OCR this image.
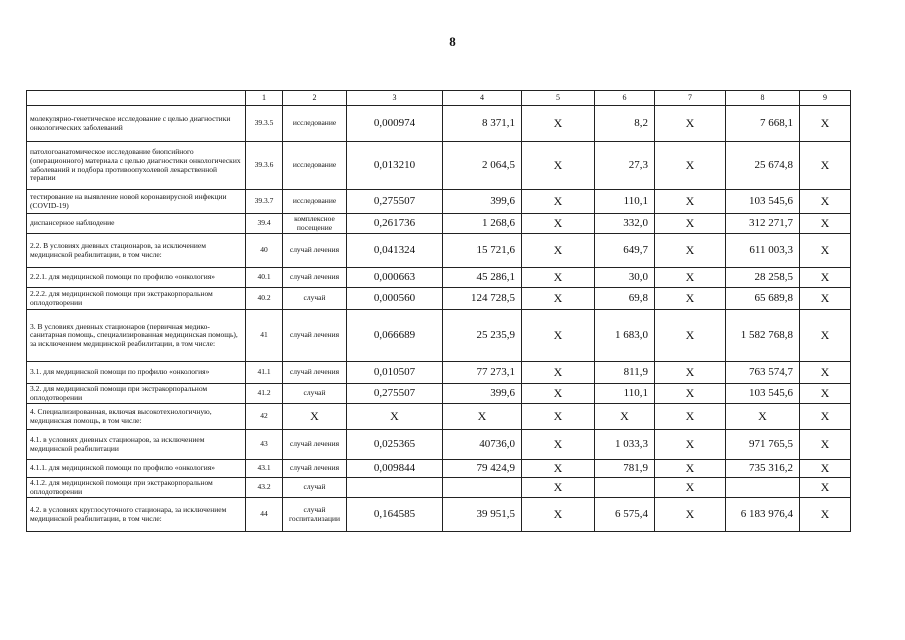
8
	1	2	3	4	5	6	7	8	9
молекулярно-генетическое исследование с целью диагностики онкологических заболеваний	39.3.5	исследование	0,000974	8 371,1	X	8,2	X	7 668,1	X
патологоанатомическое исследование биопсийного (операционного) материала с целью диагностики онкологических заболеваний и подбора противоопухолевой лекарственной терапии	39.3.6	исследование	0,013210	2 064,5	X	27,3	X	25 674,8	X
тестирование на выявление новой коронавирусной инфекции (COVID-19)	39.3.7	исследование	0,275507	399,6	X	110,1	X	103 545,6	X
диспансерное наблюдение	39.4	комплексное посещение	0,261736	1 268,6	X	332,0	X	312 271,7	X
2.2. В условиях дневных стационаров, за исключением медицинской реабилитации, в том числе:	40	случай лечения	0,041324	15 721,6	X	649,7	X	611 003,3	X
2.2.1. для медицинской помощи по профилю «онкология»	40.1	случай лечения	0,000663	45 286,1	X	30,0	X	28 258,5	X
2.2.2. для медицинской помощи при экстракорпоральном оплодотворении	40.2	случай	0,000560	124 728,5	X	69,8	X	65 689,8	X
3. В условиях дневных стационаров (первичная медико-санитарная помощь, специализированная медицинская помощь), за исключением медицинской реабилитации, в том числе:	41	случай лечения	0,066689	25 235,9	X	1 683,0	X	1 582 768,8	X
3.1. для медицинской помощи по профилю «онкология»	41.1	случай лечения	0,010507	77 273,1	X	811,9	X	763 574,7	X
3.2. для медицинской помощи при экстракорпоральном оплодотворении	41.2	случай	0,275507	399,6	X	110,1	X	103 545,6	X
4. Специализированная, включая высокотехнологичную, медицинская помощь, в том числе:	42	X	X	X	X	X	X	X	X
4.1. в условиях дневных стационаров, за исключением медицинской реабилитации	43	случай лечения	0,025365	40736,0	X	1 033,3	X	971 765,5	X
4.1.1. для медицинской помощи по профилю «онкология»	43.1	случай лечения	0,009844	79 424,9	X	781,9	X	735 316,2	X
4.1.2. для медицинской помощи при экстракорпоральном оплодотворении	43.2	случай			X		X		X
4.2. в условиях круглосуточного стационара, за исключением медицинской реабилитации, в том числе:	44	случай госпитализации	0,164585	39 951,5	X	6 575,4	X	6 183 976,4	X
